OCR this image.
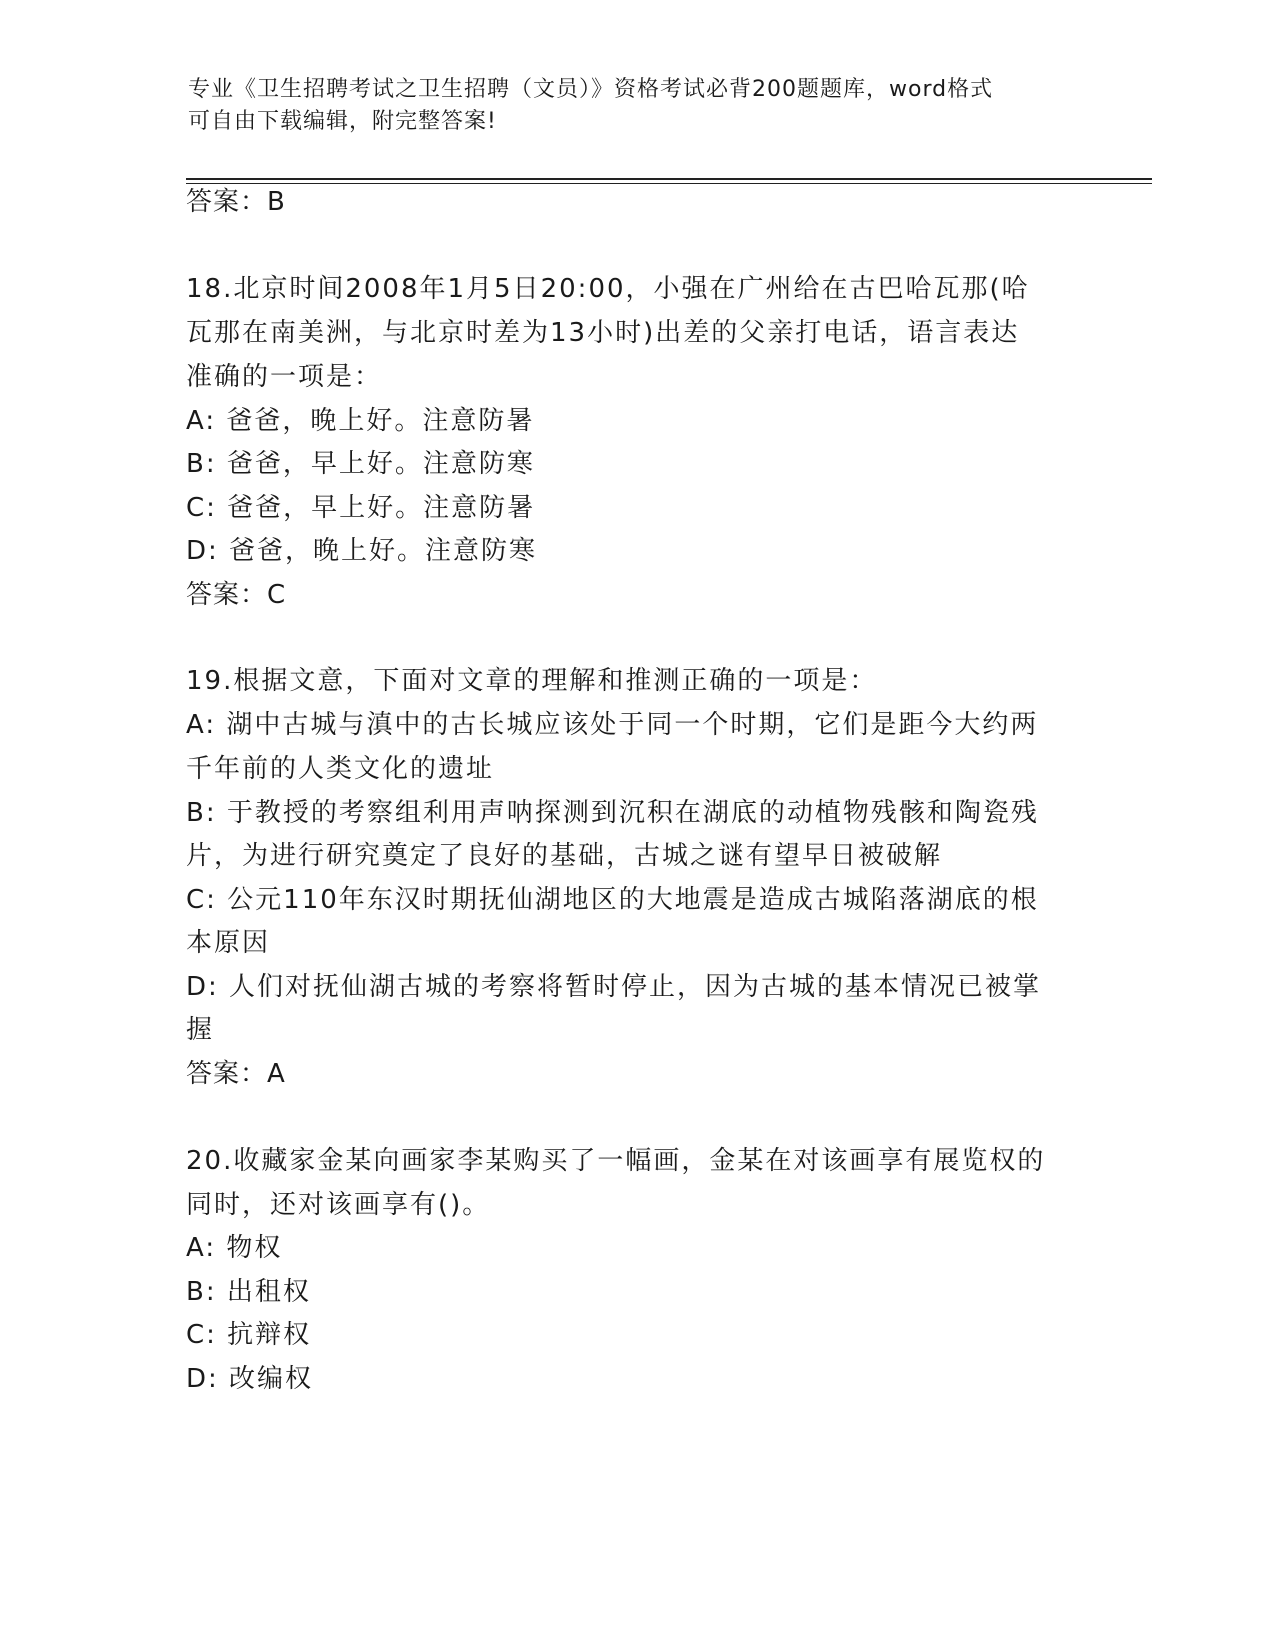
专业《卫生招聘考试之卫生招聘（文员）》资格考试必背200题题库，word格式
可自由下载编辑，附完整答案!
答案：B
18.北京时间2008年1月5日20:00，小强在广州给在古巴哈瓦那(哈
瓦那在南美洲，与北京时差为13小时)出差的父亲打电话，语言表达
准确的一项是：
A: 爸爸，晚上好。注意防暑
B: 爸爸，早上好。注意防寒
C: 爸爸，早上好。注意防暑
D: 爸爸，晚上好。注意防寒
答案：C
19.根据文意，下面对文章的理解和推测正确的一项是：
A: 湖中古城与滇中的古长城应该处于同一个时期，它们是距今大约两
千年前的人类文化的遗址
B: 于教授的考察组利用声呐探测到沉积在湖底的动植物残骸和陶瓷残
片，为进行研究奠定了良好的基础，古城之谜有望早日被破解
C: 公元110年东汉时期抚仙湖地区的大地震是造成古城陷落湖底的根
本原因
D: 人们对抚仙湖古城的考察将暂时停止，因为古城的基本情况已被掌
握
答案：A
20.收藏家金某向画家李某购买了一幅画，金某在对该画享有展览权的
同时，还对该画享有()。
A: 物权
B: 出租权
C: 抗辩权
D: 改编权
